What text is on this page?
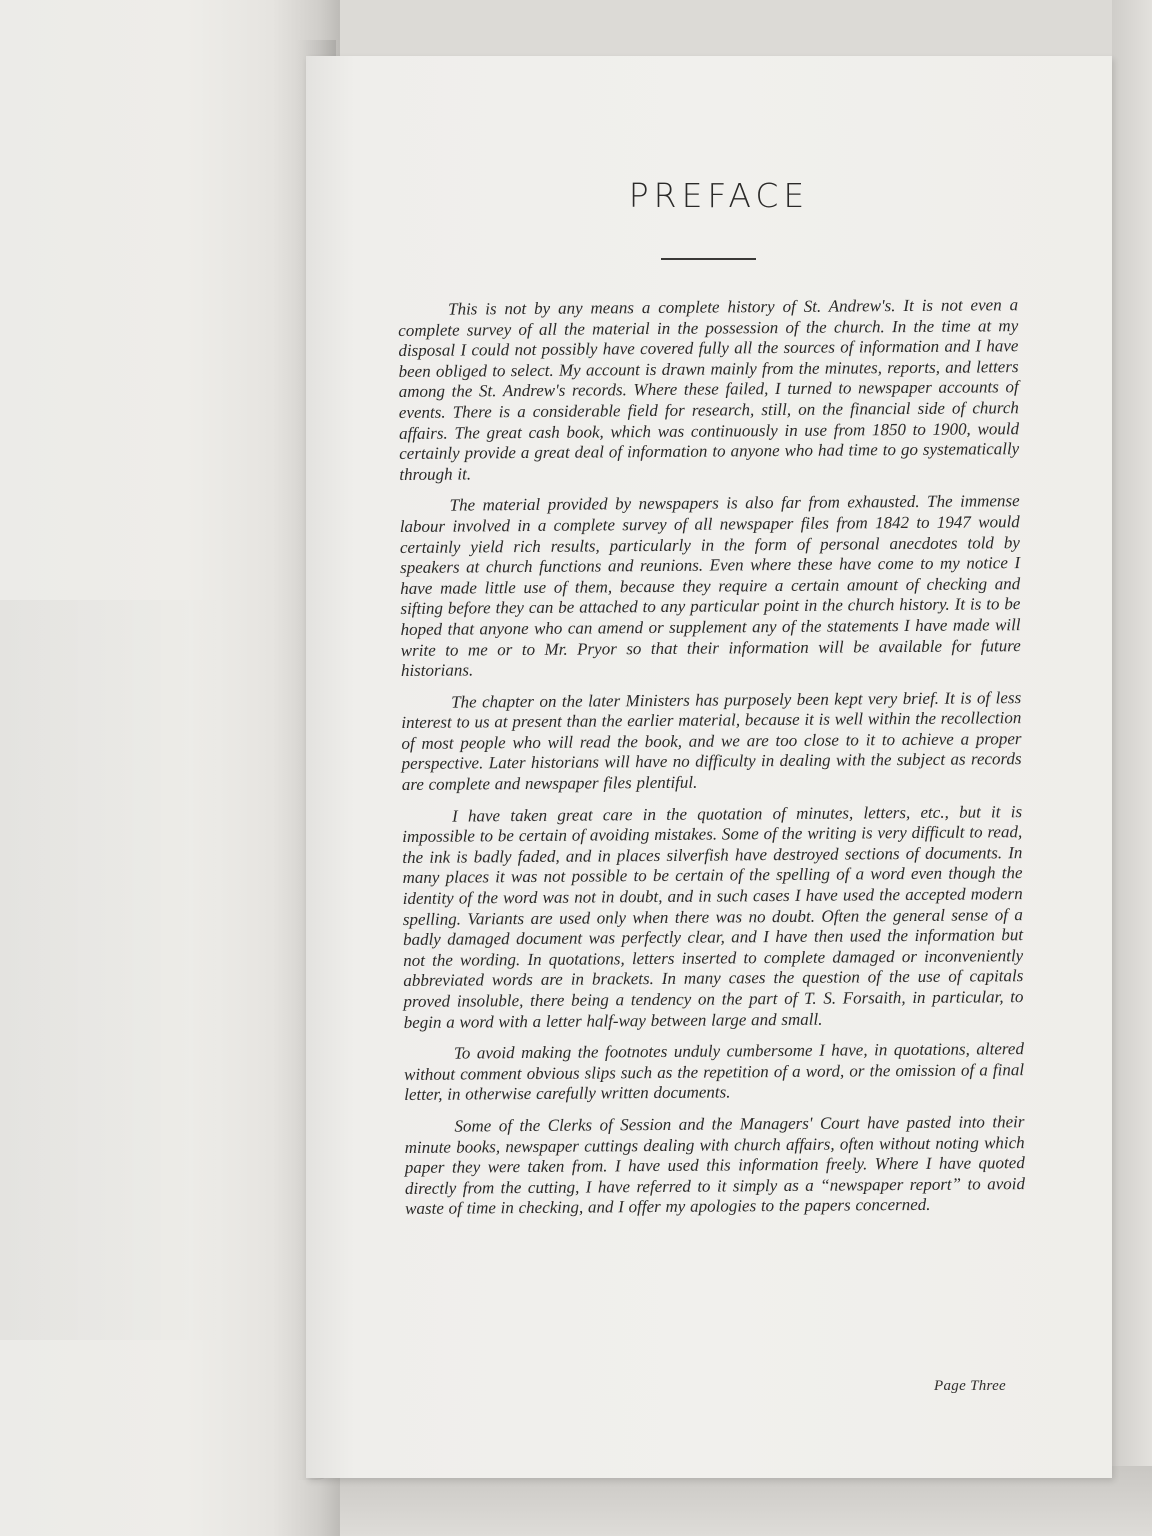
PREFACE

This is not by any means a complete history of St. Andrew's. It is not even a complete survey of all the material in the possession of the church. In the time at my disposal I could not possibly have covered fully all the sources of information and I have been obliged to select. My account is drawn mainly from the minutes, reports, and letters among the St. Andrew's records. Where these failed, I turned to newspaper accounts of events. There is a considerable field for research, still, on the financial side of church affairs. The great cash book, which was continuously in use from 1850 to 1900, would certainly provide a great deal of information to anyone who had time to go systematically through it.

The material provided by newspapers is also far from exhausted. The immense labour involved in a complete survey of all newspaper files from 1842 to 1947 would certainly yield rich results, particularly in the form of personal anecdotes told by speakers at church functions and reunions. Even where these have come to my notice I have made little use of them, because they require a certain amount of checking and sifting before they can be attached to any particular point in the church history. It is to be hoped that anyone who can amend or supplement any of the statements I have made will write to me or to Mr. Pryor so that their information will be available for future historians.

The chapter on the later Ministers has purposely been kept very brief. It is of less interest to us at present than the earlier material, because it is well within the recollection of most people who will read the book, and we are too close to it to achieve a proper perspective. Later historians will have no difficulty in dealing with the subject as records are complete and newspaper files plentiful.

I have taken great care in the quotation of minutes, letters, etc., but it is impossible to be certain of avoiding mistakes. Some of the writing is very difficult to read, the ink is badly faded, and in places silverfish have destroyed sections of documents. In many places it was not possible to be certain of the spelling of a word even though the identity of the word was not in doubt, and in such cases I have used the accepted modern spelling. Variants are used only when there was no doubt. Often the general sense of a badly damaged document was perfectly clear, and I have then used the information but not the wording. In quotations, letters inserted to complete damaged or inconveniently abbreviated words are in brackets. In many cases the question of the use of capitals proved insoluble, there being a tendency on the part of T. S. Forsaith, in particular, to begin a word with a letter half-way between large and small.

To avoid making the footnotes unduly cumbersome I have, in quotations, altered without comment obvious slips such as the repetition of a word, or the omission of a final letter, in otherwise carefully written documents.

Some of the Clerks of Session and the Managers' Court have pasted into their minute books, newspaper cuttings dealing with church affairs, often without noting which paper they were taken from. I have used this information freely. Where I have quoted directly from the cutting, I have referred to it simply as a “newspaper report” to avoid waste of time in checking, and I offer my apologies to the papers concerned.

Page Three
